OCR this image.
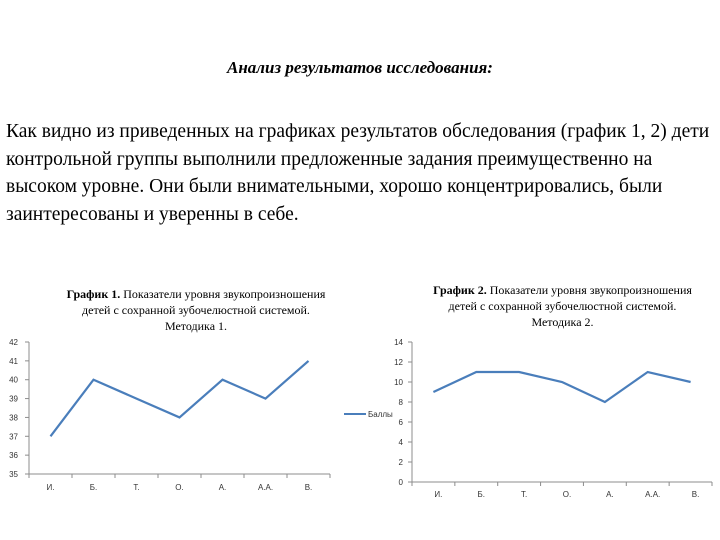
Анализ результатов исследования:

Как видно из приведенных на графиках результатов обследования (график 1, 2) дети контрольной группы выполнили предложенные задания преимущественно на высоком уровне. Они были внимательными, хорошо концентрировались, были заинтересованы и уверенны в себе.

График 1. Показатели уровня звукопроизношения
детей с сохранной зубочелюстной системой.
Методика 1.
График 2. Показатели уровня звукопроизношения
детей с сохранной зубочелюстной системой.
Методика 2.
35
36
37
38
39
40
41
42
И.	Б.	Т.	О.	А.	А.А.	В.
Баллы
0
2
4
6
8
10
12
14
И.	Б.	Т.	О.	А.	А.А.	В.
